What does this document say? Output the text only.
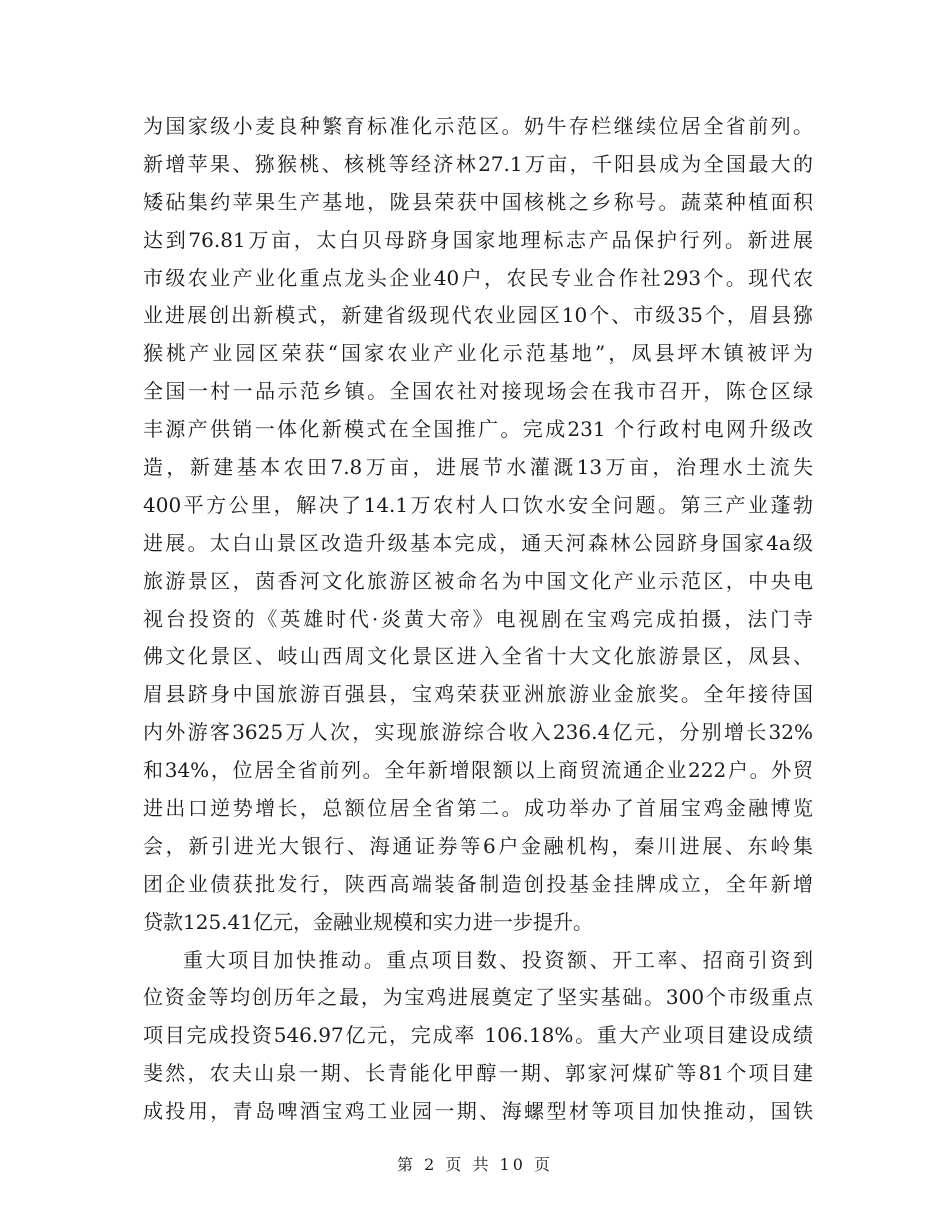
为国家级小麦良种繁育标准化示范区。奶牛存栏继续位居全省前列。
新增苹果、猕猴桃、核桃等经济林27.1万亩，千阳县成为全国最大的
矮砧集约苹果生产基地，陇县荣获中国核桃之乡称号。蔬菜种植面积
达到76.81万亩，太白贝母跻身国家地理标志产品保护行列。新进展
市级农业产业化重点龙头企业40户，农民专业合作社293个。现代农
业进展创出新模式，新建省级现代农业园区10个、市级35个，眉县猕
猴桃产业园区荣获“国家农业产业化示范基地”，凤县坪木镇被评为
全国一村一品示范乡镇。全国农社对接现场会在我市召开，陈仓区绿
丰源产供销一体化新模式在全国推广。完成231 个行政村电网升级改
造，新建基本农田7.8万亩，进展节水灌溉13万亩，治理水土流失
400平方公里，解决了14.1万农村人口饮水安全问题。第三产业蓬勃
进展。太白山景区改造升级基本完成，通天河森林公园跻身国家4a级
旅游景区，茵香河文化旅游区被命名为中国文化产业示范区，中央电
视台投资的《英雄时代·炎黄大帝》电视剧在宝鸡完成拍摄，法门寺
佛文化景区、岐山西周文化景区进入全省十大文化旅游景区，凤县、
眉县跻身中国旅游百强县，宝鸡荣获亚洲旅游业金旅奖。全年接待国
内外游客3625万人次，实现旅游综合收入236.4亿元，分别增长32%
和34%，位居全省前列。全年新增限额以上商贸流通企业222户。外贸
进出口逆势增长，总额位居全省第二。成功举办了首届宝鸡金融博览
会，新引进光大银行、海通证券等6户金融机构，秦川进展、东岭集
团企业债获批发行，陕西高端装备制造创投基金挂牌成立，全年新增
贷款125.41亿元，金融业规模和实力进一步提升。
重大项目加快推动。重点项目数、投资额、开工率、招商引资到
位资金等均创历年之最，为宝鸡进展奠定了坚实基础。300个市级重点
项目完成投资546.97亿元，完成率 106.18%。重大产业项目建设成绩
斐然，农夫山泉一期、长青能化甲醇一期、郭家河煤矿等81个项目建
成投用，青岛啤酒宝鸡工业园一期、海螺型材等项目加快推动，国铁
第 2 页 共 10 页
